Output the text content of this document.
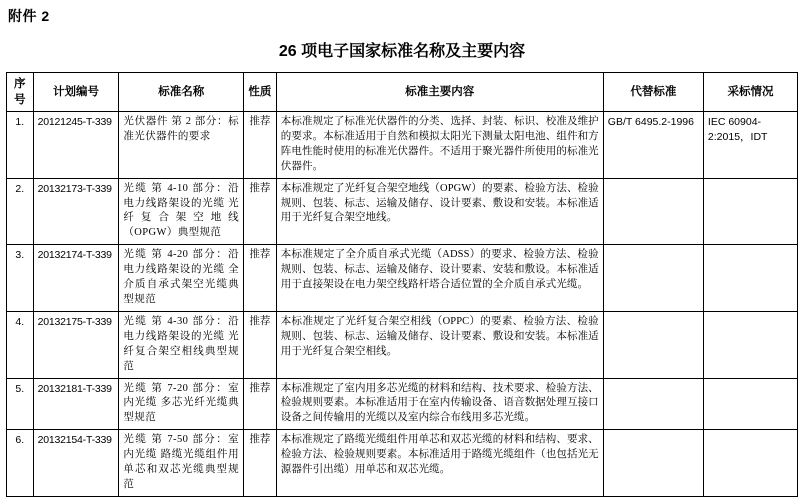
附件 2
26 项电子国家标准名称及主要内容
序号	计划编号	标准名称	性质	标准主要内容	代替标准	采标情况
1.	20121245-T-339	光伏器件 第 2 部分：标准光伏器件的要求	推荐	本标准规定了标准光伏器件的分类、选择、封装、标识、校准及维护的要求。本标准适用于自然和模拟太阳光下测量太阳电池、组件和方阵电性能时使用的标准光伏器件。不适用于聚光器件所使用的标准光伏器件。	GB/T 6495.2-1996	IEC 60904-2:2015，IDT
2.	20132173-T-339	光缆 第 4-10 部分：沿电力线路架设的光缆 光纤复合架空地线（OPGW）典型规范	推荐	本标准规定了光纤复合架空地线（OPGW）的要素、检验方法、检验规则、包装、标志、运输及储存、设计要素、敷设和安装。本标准适用于光纤复合架空地线。		
3.	20132174-T-339	光缆 第 4-20 部分：沿电力线路架设的光缆 全介质自承式架空光缆典型规范	推荐	本标准规定了全介质自承式光缆（ADSS）的要求、检验方法、检验规则、包装、标志、运输及储存、设计要素、安装和敷设。本标准适用于直接架设在电力架空线路杆塔合适位置的全介质自承式光缆。		
4.	20132175-T-339	光缆 第 4-30 部分：沿电力线路架设的光缆 光纤复合架空相线典型规范	推荐	本标准规定了光纤复合架空相线（OPPC）的要素、检验方法、检验规则、包装、标志、运输及储存、设计要素、敷设和安装。本标准适用于光纤复合架空相线。		
5.	20132181-T-339	光缆 第 7-20 部分：室内光缆 多芯光纤光缆典型规范	推荐	本标准规定了室内用多芯光缆的材料和结构、技术要求、检验方法、检验规则要素。本标准适用于在室内传输设备、语音数据处理互接口设备之间传输用的光缆以及室内综合布线用多芯光缆。		
6.	20132154-T-339	光缆 第 7-50 部分：室内光缆 路缆光缆组件用单芯和双芯光缆典型规范	推荐	本标准规定了路缆光缆组件用单芯和双芯光缆的材料和结构、要求、检验方法、检验规则要素。本标准适用于路缆光缆组件（也包括光无源器件引出缆）用单芯和双芯光缆。		
